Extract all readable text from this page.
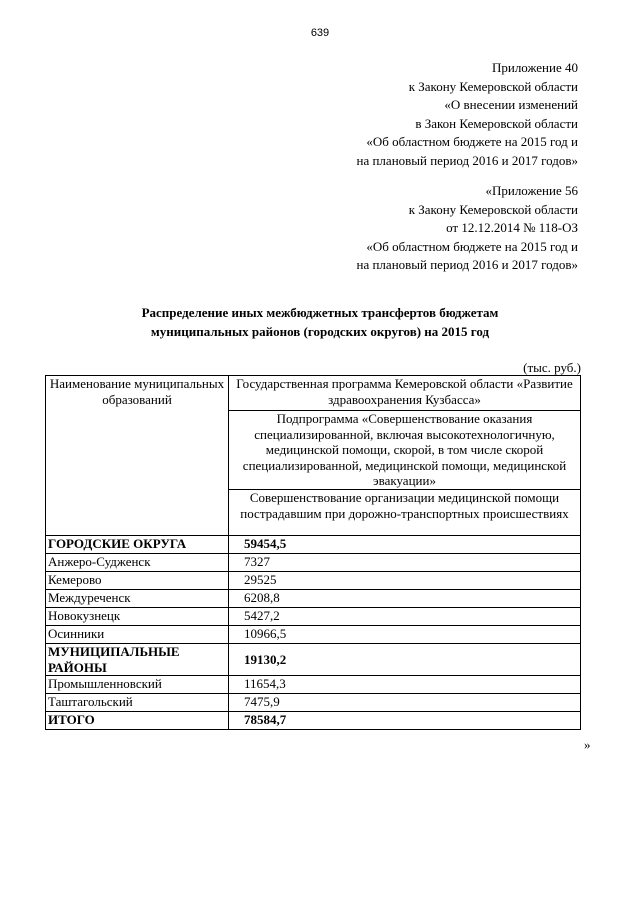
639
Приложение 40
к Закону Кемеровской области
«О внесении изменений
в Закон Кемеровской области
«Об областном бюджете на 2015 год и
на плановый период 2016 и 2017 годов»
«Приложение 56
к Закону Кемеровской области
от 12.12.2014 № 118-ОЗ
«Об областном бюджете на 2015 год и
на плановый период 2016 и 2017 годов»
Распределение иных межбюджетных трансфертов бюджетам
муниципальных районов (городских округов) на 2015 год
(тыс. руб.)
Наименование муниципальных образований	Государственная программа Кемеровской области «Развитие здравоохранения Кузбасса»
	Подпрограмма «Совершенствование оказания специализированной, включая высокотехнологичную, медицинской помощи, скорой, в том числе скорой специализированной, медицинской помощи, медицинской эвакуации»
	Совершенствование организации медицинской помощи пострадавшим при дорожно-транспортных происшествиях
ГОРОДСКИЕ ОКРУГА	59454,5
Анжеро-Судженск	7327
Кемерово	29525
Междуреченск	6208,8
Новокузнецк	5427,2
Осинники	10966,5
МУНИЦИПАЛЬНЫЕ РАЙОНЫ	19130,2
Промышленновский	11654,3
Таштагольский	7475,9
ИТОГО	78584,7
»
